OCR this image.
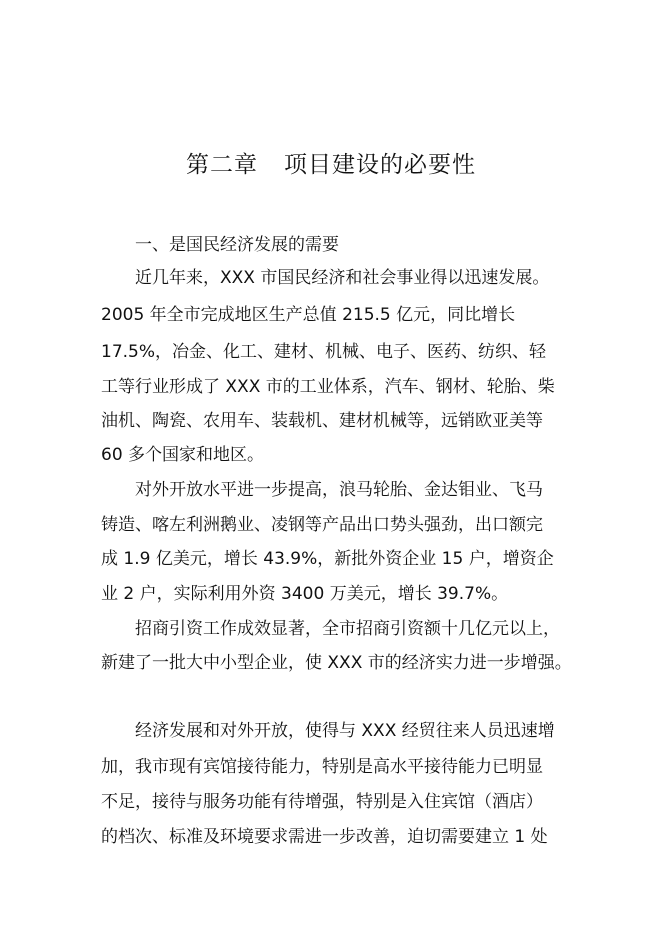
第二章 项目建设的必要性
一、是国民经济发展的需要
近几年来，XXX 市国民经济和社会事业得以迅速发展。
2005 年全市完成地区生产总值 215.5 亿元，同比增长
17.5%，冶金、化工、建材、机械、电子、医药、纺织、轻
工等行业形成了 XXX 市的工业体系，汽车、钢材、轮胎、柴
油机、陶瓷、农用车、装载机、建材机械等，远销欧亚美等
60 多个国家和地区。
对外开放水平进一步提高，浪马轮胎、金达钼业、飞马
铸造、喀左利洲鹅业、凌钢等产品出口势头强劲，出口额完
成 1.9 亿美元，增长 43.9%，新批外资企业 15 户，增资企
业 2 户，实际利用外资 3400 万美元，增长 39.7%。
招商引资工作成效显著，全市招商引资额十几亿元以上，
新建了一批大中小型企业，使 XXX 市的经济实力进一步增强。
经济发展和对外开放，使得与 XXX 经贸往来人员迅速增
加，我市现有宾馆接待能力，特别是高水平接待能力已明显
不足，接待与服务功能有待增强，特别是入住宾馆（酒店）
的档次、标准及环境要求需进一步改善，迫切需要建立 1 处
